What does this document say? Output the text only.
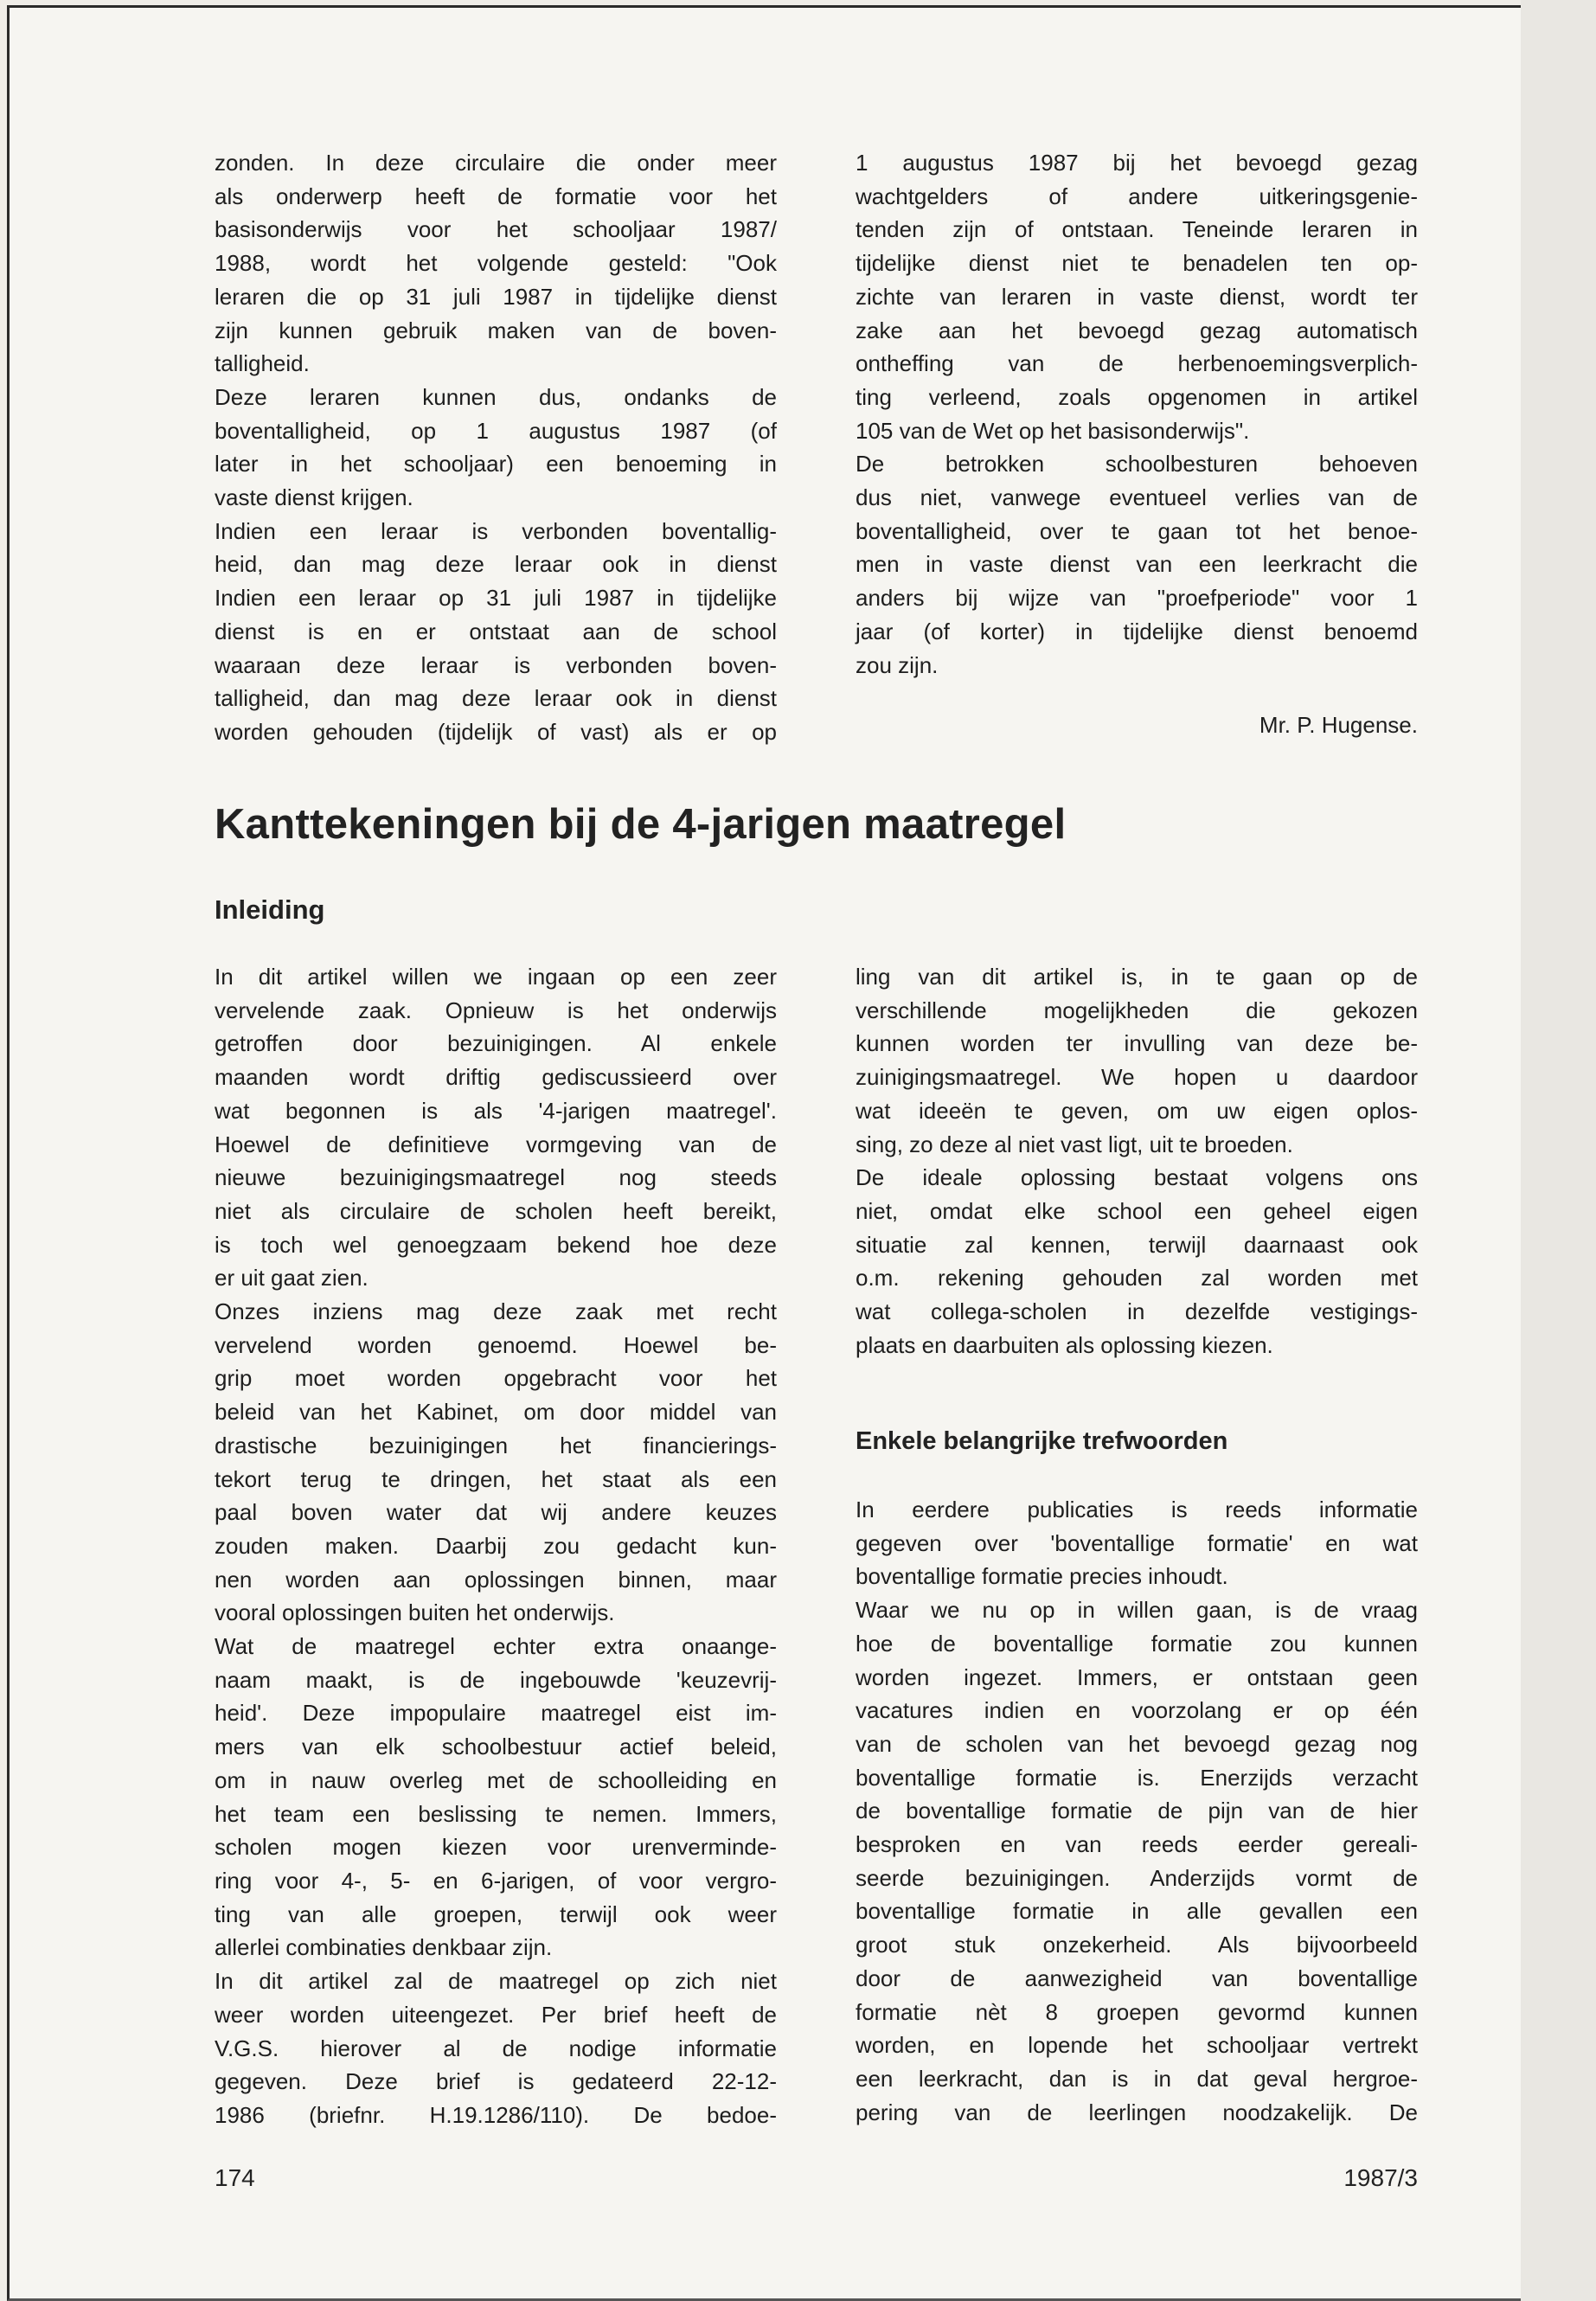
zonden. In deze circulaire die onder meer
als onderwerp heeft de formatie voor het
basisonderwijs voor het schooljaar 1987/
1988, wordt het volgende gesteld: "Ook
leraren die op 31 juli 1987 in tijdelijke dienst
zijn kunnen gebruik maken van de boven-
talligheid.

Deze leraren kunnen dus, ondanks de
boventalligheid, op 1 augustus 1987 (of
later in het schooljaar) een benoeming in
vaste dienst krijgen.

Indien een leraar is verbonden boventallig-
heid, dan mag deze leraar ook in dienst
Indien een leraar op 31 juli 1987 in tijdelijke
dienst is en er ontstaat aan de school
waaraan deze leraar is verbonden boven-
talligheid, dan mag deze leraar ook in dienst
worden gehouden (tijdelijk of vast) als er op

1 augustus 1987 bij het bevoegd gezag
wachtgelders of andere uitkeringsgenie-
tenden zijn of ontstaan. Teneinde leraren in
tijdelijke dienst niet te benadelen ten op-
zichte van leraren in vaste dienst, wordt ter
zake aan het bevoegd gezag automatisch
ontheffing van de herbenoemingsverplich-
ting verleend, zoals opgenomen in artikel
105 van de Wet op het basisonderwijs".

De betrokken schoolbesturen behoeven
dus niet, vanwege eventueel verlies van de
boventalligheid, over te gaan tot het benoe-
men in vaste dienst van een leerkracht die
anders bij wijze van "proefperiode" voor 1
jaar (of korter) in tijdelijke dienst benoemd
zou zijn.

Mr. P. Hugense.
Kanttekeningen bij de 4-jarigen maatregel
Inleiding

In dit artikel willen we ingaan op een zeer
vervelende zaak. Opnieuw is het onderwijs
getroffen door bezuinigingen. Al enkele
maanden wordt driftig gediscussieerd over
wat begonnen is als '4-jarigen maatregel'.
Hoewel de definitieve vormgeving van de
nieuwe bezuinigingsmaatregel nog steeds
niet als circulaire de scholen heeft bereikt,
is toch wel genoegzaam bekend hoe deze
er uit gaat zien.

Onzes inziens mag deze zaak met recht
vervelend worden genoemd. Hoewel be-
grip moet worden opgebracht voor het
beleid van het Kabinet, om door middel van
drastische bezuinigingen het financierings-
tekort terug te dringen, het staat als een
paal boven water dat wij andere keuzes
zouden maken. Daarbij zou gedacht kun-
nen worden aan oplossingen binnen, maar
vooral oplossingen buiten het onderwijs.

Wat de maatregel echter extra onaange-
naam maakt, is de ingebouwde 'keuzevrij-
heid'. Deze impopulaire maatregel eist im-
mers van elk schoolbestuur actief beleid,
om in nauw overleg met de schoolleiding en
het team een beslissing te nemen. Immers,
scholen mogen kiezen voor urenverminde-
ring voor 4-, 5- en 6-jarigen, of voor vergro-
ting van alle groepen, terwijl ook weer
allerlei combinaties denkbaar zijn.

In dit artikel zal de maatregel op zich niet
weer worden uiteengezet. Per brief heeft de
V.G.S. hierover al de nodige informatie
gegeven. Deze brief is gedateerd 22-12-
1986 (briefnr. H.19.1286/110). De bedoe-

ling van dit artikel is, in te gaan op de
verschillende mogelijkheden die gekozen
kunnen worden ter invulling van deze be-
zuinigingsmaatregel. We hopen u daardoor
wat ideeën te geven, om uw eigen oplos-
sing, zo deze al niet vast ligt, uit te broeden.

De ideale oplossing bestaat volgens ons
niet, omdat elke school een geheel eigen
situatie zal kennen, terwijl daarnaast ook
o.m. rekening gehouden zal worden met
wat collega-scholen in dezelfde vestigings-
plaats en daarbuiten als oplossing kiezen.

Enkele belangrijke trefwoorden

In eerdere publicaties is reeds informatie
gegeven over 'boventallige formatie' en wat
boventallige formatie precies inhoudt.

Waar we nu op in willen gaan, is de vraag
hoe de boventallige formatie zou kunnen
worden ingezet. Immers, er ontstaan geen
vacatures indien en voorzolang er op één
van de scholen van het bevoegd gezag nog
boventallige formatie is. Enerzijds verzacht
de boventallige formatie de pijn van de hier
besproken en van reeds eerder gereali-
seerde bezuinigingen. Anderzijds vormt de
boventallige formatie in alle gevallen een
groot stuk onzekerheid. Als bijvoorbeeld
door de aanwezigheid van boventallige
formatie nèt 8 groepen gevormd kunnen
worden, en lopende het schooljaar vertrekt
een leerkracht, dan is in dat geval hergroe-
pering van de leerlingen noodzakelijk. De

174	1987/3
